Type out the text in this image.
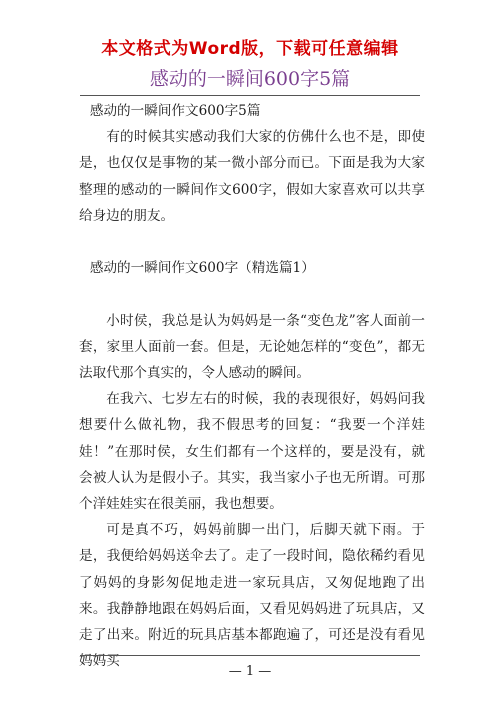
本文格式为Word版，下载可任意编辑
感动的一瞬间600字5篇

感动的一瞬间作文600字5篇

有的时候其实感动我们大家的仿佛什么也不是，即使是，也仅仅是事物的某一微小部分而已。下面是我为大家整理的感动的一瞬间作文600字，假如大家喜欢可以共享给身边的朋友。

感动的一瞬间作文600字（精选篇1）

小时侯，我总是认为妈妈是一条“变色龙”客人面前一套，家里人面前一套。但是，无论她怎样的“变色”，都无法取代那个真实的，令人感动的瞬间。

在我六、七岁左右的时候，我的表现很好，妈妈问我想要什么做礼物，我不假思考的回复：“我要一个洋娃娃！”在那时侯，女生们都有一个这样的，要是没有，就会被人认为是假小子。其实，我当家小子也无所谓。可那个洋娃娃实在很美丽，我也想要。

可是真不巧，妈妈前脚一出门，后脚天就下雨。于是，我便给妈妈送伞去了。走了一段时间，隐依稀约看见了妈妈的身影匆促地走进一家玩具店，又匆促地跑了出来。我静静地跟在妈妈后面，又看见妈妈进了玩具店，又走了出来。附近的玩具店基本都跑遍了，可还是没有看见妈妈买

— 1 —
